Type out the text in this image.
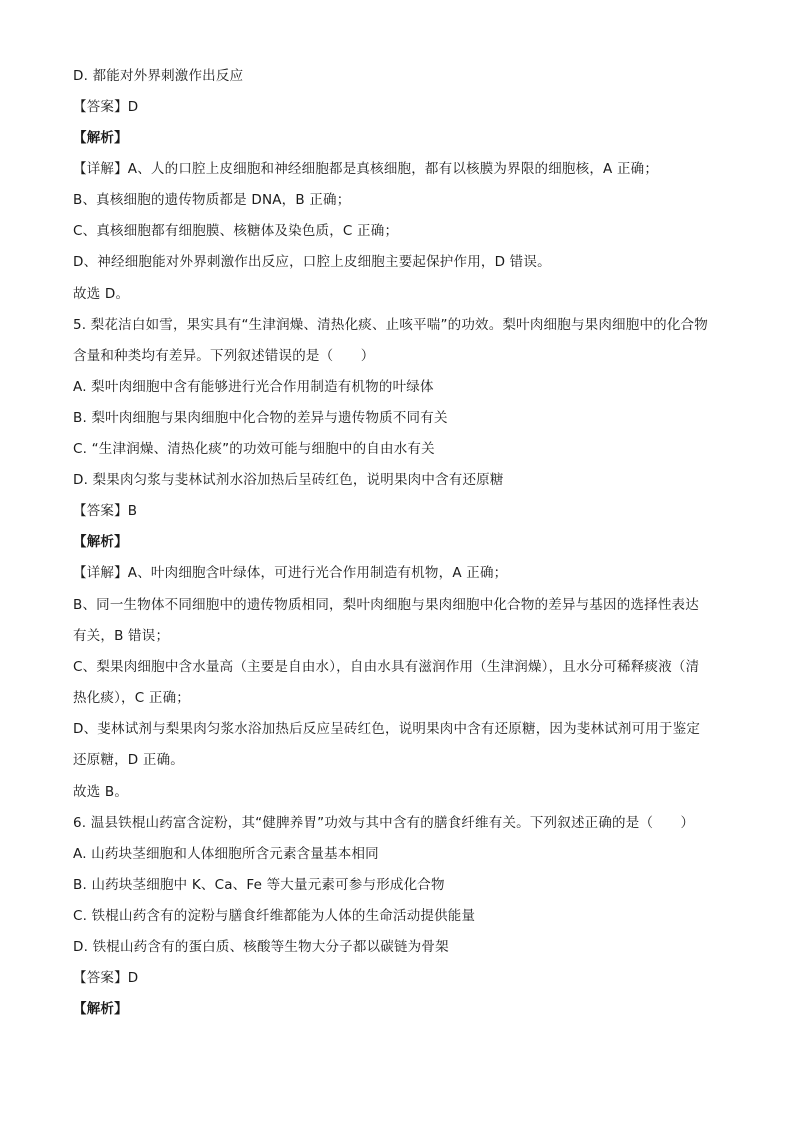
D. 都能对外界刺激作出反应
【答案】D
【解析】
【详解】A、人的口腔上皮细胞和神经细胞都是真核细胞，都有以核膜为界限的细胞核，A 正确；
B、真核细胞的遗传物质都是 DNA，B 正确；
C、真核细胞都有细胞膜、核糖体及染色质，C 正确；
D、神经细胞能对外界刺激作出反应，口腔上皮细胞主要起保护作用，D 错误。
故选 D。
5. 梨花洁白如雪，果实具有“生津润燥、清热化痰、止咳平喘”的功效。梨叶肉细胞与果肉细胞中的化合物
含量和种类均有差异。下列叙述错误的是（　　）
A. 梨叶肉细胞中含有能够进行光合作用制造有机物的叶绿体
B. 梨叶肉细胞与果肉细胞中化合物的差异与遗传物质不同有关
C. “生津润燥、清热化痰”的功效可能与细胞中的自由水有关
D. 梨果肉匀浆与斐林试剂水浴加热后呈砖红色，说明果肉中含有还原糖
【答案】B
【解析】
【详解】A、叶肉细胞含叶绿体，可进行光合作用制造有机物，A 正确；
B、同一生物体不同细胞中的遗传物质相同，梨叶肉细胞与果肉细胞中化合物的差异与基因的选择性表达
有关，B 错误；
C、梨果肉细胞中含水量高（主要是自由水），自由水具有滋润作用（生津润燥），且水分可稀释痰液（清
热化痰），C 正确；
D、斐林试剂与梨果肉匀浆水浴加热后反应呈砖红色，说明果肉中含有还原糖，因为斐林试剂可用于鉴定
还原糖，D 正确。
故选 B。
6. 温县铁棍山药富含淀粉，其“健脾养胃”功效与其中含有的膳食纤维有关。下列叙述正确的是（　　）
A. 山药块茎细胞和人体细胞所含元素含量基本相同
B. 山药块茎细胞中 K、Ca、Fe 等大量元素可参与形成化合物
C. 铁棍山药含有的淀粉与膳食纤维都能为人体的生命活动提供能量
D. 铁棍山药含有的蛋白质、核酸等生物大分子都以碳链为骨架
【答案】D
【解析】
